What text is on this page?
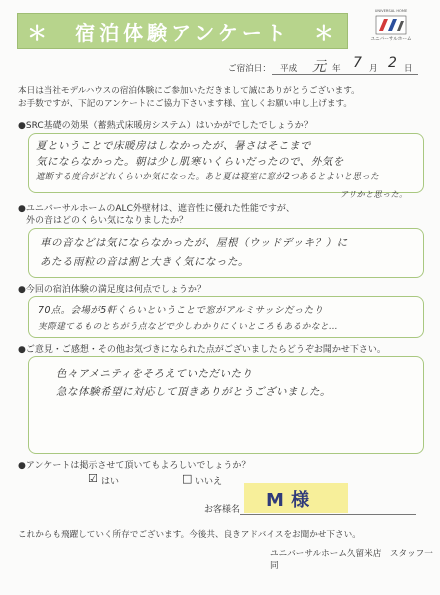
＊　宿泊体験アンケート　＊
UNIVERSAL HOME
ユニバーサルホーム
ご宿泊日： 平成 元 年 7 月 2 日
本日は当社モデルハウスの宿泊体験にご参加いただきまして誠にありがとうございます。
お手数ですが、下記のアンケートにご協力下さいます様、宜しくお願い申し上げます。
●SRC基礎の効果（蓄熱式床暖房システム）はいかがでしたでしょうか？
夏ということで床暖房はしなかったが、暑さはそこまで
気にならなかった。朝は少し肌寒いくらいだったので、外気を
遮断する度合がどれくらいか気になった。あと夏は寝室に窓が2つあるとよいと思った
アリかと思った。
●ユニバーサルホームのALC外壁材は、遮音性に優れた性能ですが、
外の音はどのくらい気になりましたか？
車の音などは気にならなかったが、屋根（ウッドデッキ？）に
あたる雨粒の音は割と大きく気になった。
●今回の宿泊体験の満足度は何点でしょうか？
70点。会場が5軒くらいということで窓がアルミサッシだったり
実際建てるものとちがう点などで少しわかりにくいところもあるかなと…
●ご意見・ご感想・その他お気づきになられた点がございましたらどうぞお聞かせ下さい。
色々アメニティをそろえていただいたり
急な体験希望に対応して頂きありがとうございました。
●アンケートは掲示させて頂いてもよろしいでしょうか？
☑ はい	□ いいえ
お客様名 M 様
これからも飛躍していく所存でございます。今後共、良きアドバイスをお聞かせ下さい。
ユニバーサルホーム久留米店　スタッフ一同
